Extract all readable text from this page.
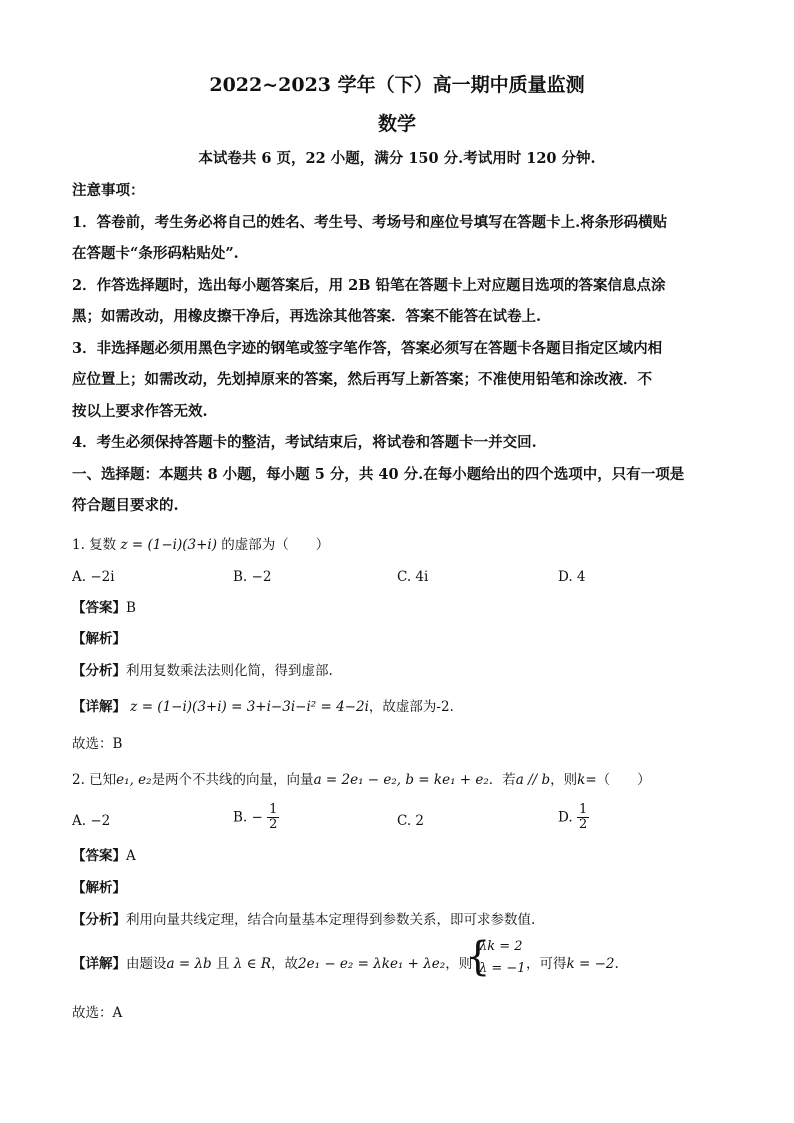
2022~2023 学年（下）高一期中质量监测
数学
本试卷共 6 页，22 小题，满分 150 分.考试用时 120 分钟.
注意事项：
1．答卷前，考生务必将自己的姓名、考生号、考场号和座位号填写在答题卡上.将条形码横贴
在答题卡“条形码粘贴处”.
2．作答选择题时，选出每小题答案后，用 2B 铅笔在答题卡上对应题目选项的答案信息点涂
黑；如需改动，用橡皮擦干净后，再选涂其他答案．答案不能答在试卷上.
3．非选择题必须用黑色字迹的钢笔或签字笔作答，答案必须写在答题卡各题目指定区域内相
应位置上；如需改动，先划掉原来的答案，然后再写上新答案；不准使用铅笔和涂改液．不
按以上要求作答无效.
4．考生必须保持答题卡的整洁，考试结束后，将试卷和答题卡一并交回.
一、选择题：本题共 8 小题，每小题 5 分，共 40 分.在每小题给出的四个选项中，只有一项是
符合题目要求的.
1. 复数 z = (1−i)(3+i) 的虚部为（　　）
A. −2i	B. −2	C. 4i	D. 4
【答案】B
【解析】
【分析】利用复数乘法法则化简，得到虚部.
【详解】 z = (1−i)(3+i) = 3+i−3i−i² = 4−2i，故虚部为-2.
故选：B
2. 已知e₁, e₂是两个不共线的向量，向量a = 2e₁ − e₂, b = ke₁ + e₂．若a // b，则k=（　　）
A. −2	B. − $\frac{1}{2}$	C. 2	D. $\frac{1}{2}$
【答案】A
【解析】
【分析】利用向量共线定理，结合向量基本定理得到参数关系，即可求参数值.
【详解】由题设a = λb 且 λ ∈ R，故2e₁ − e₂ = λke₁ + λe₂，则
{
λk = 2
λ = −1 ，可得k = −2.
故选：A
